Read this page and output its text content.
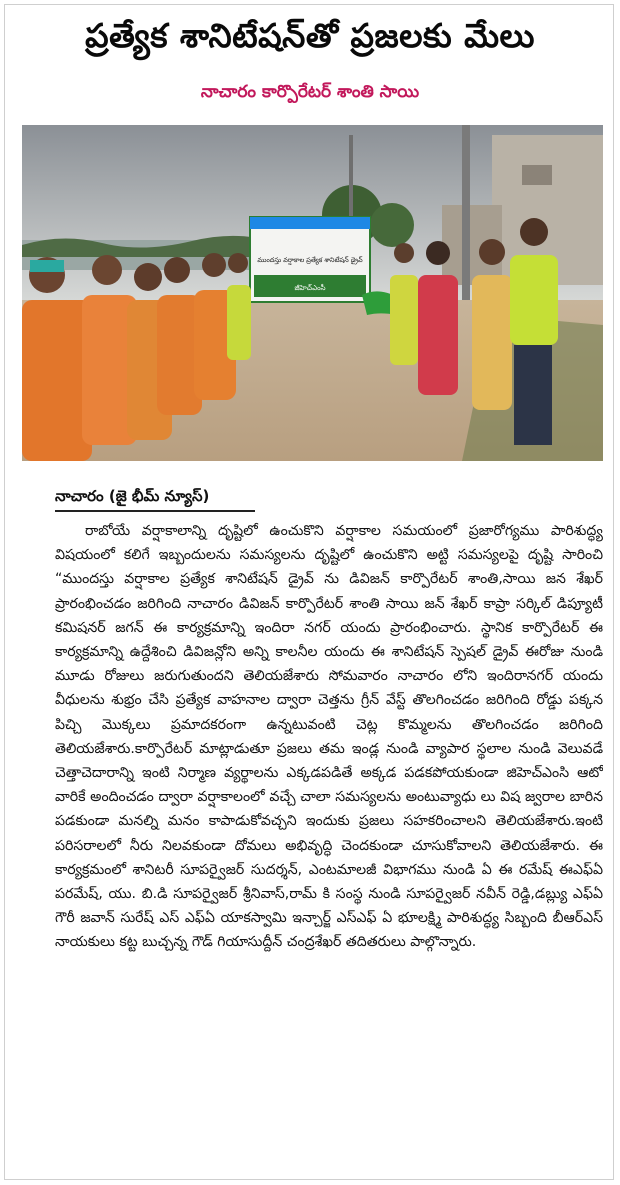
ప్రత్యేక శానిటేషన్‌తో ప్రజలకు మేలు
నాచారం కార్పొరేటర్ శాంతి సాయి
ముందస్తు వర్షాకాల ప్రత్యేక శానిటేషన్ డ్రైవ్
జీహెచ్ఎంసీ
నాచారం (జై భీమ్ న్యూస్)

రాబోయే వర్షాకాలాన్ని దృష్టిలో ఉంచుకొని వర్షాకాల సమయంలో ప్రజారోగ్యము పారిశుద్ధ్య విషయంలో కలిగే ఇబ్బందులను సమస్యలను దృష్టిలో ఉంచుకొని అట్టి సమస్యలపై దృష్టి సారించి “ముందస్తు వర్షాకాల ప్రత్యేక శానిటేషన్ డ్రైవ్ ను డివిజన్ కార్పొరేటర్ శాంతి,సాయి జన శేఖర్ ప్రారంభించడం జరిగింది నాచారం డివిజన్ కార్పొరేటర్ శాంతి సాయి జన్ శేఖర్ కాప్రా సర్కిల్ డిప్యూటీ కమిషనర్ జగన్ ఈ కార్యక్రమాన్ని ఇందిరా నగర్ యందు ప్రారంభించారు. స్థానిక కార్పొరేటర్ ఈ కార్యక్రమాన్ని ఉద్దేశించి డివిజన్లోని అన్ని కాలనీల యందు ఈ శానిటేషన్ స్పెషల్ డ్రైవ్ ఈరోజు నుండి మూడు రోజులు జరుగుతుందని తెలియజేశారు సోమవారం నాచారం లోని ఇందిరానగర్ యందు వీధులను శుభ్రం చేసి ప్రత్యేక వాహనాల ద్వారా చెత్తను గ్రీన్ వేస్ట్ తొలగించడం జరిగింది రోడ్డు పక్కన పిచ్చి మొక్కలు ప్రమాదకరంగా ఉన్నటువంటి చెట్ల కొమ్మలను తొలగించడం జరిగింది తెలియజేశారు.కార్పొరేటర్ మాట్లాడుతూ ప్రజలు తమ ఇండ్ల నుండి వ్యాపార స్థలాల నుండి వెలువడే చెత్తాచెదారాన్ని ఇంటి నిర్మాణ వ్యర్థాలను ఎక్కడపడితే అక్కడ పడకపోయకుండా జిహెచ్ఎంసి ఆటో వారికే అందించడం ద్వారా వర్షాకాలంలో వచ్చే చాలా సమస్యలను అంటువ్యాధు లు విష జ్వరాల బారిన పడకుండా మనల్ని మనం కాపాడుకోవచ్చని ఇందుకు ప్రజలు సహకరించాలని తెలియజేశారు.ఇంటి పరిసరాలలో నీరు నిలవకుండా దోమలు అభివృద్ధి చెందకుండా చూసుకోవాలని తెలియజేశారు. ఈ కార్యక్రమంలో శానిటరీ సూపర్వైజర్ సుదర్శన్, ఎంటమాలజీ విభాగము నుండి ఏ ఈ రమేష్ ఈఎఫ్ఏ పరమేష్, యు. బి.డి సూపర్వైజర్ శ్రీనివాస్,రామ్ కి సంస్థ నుండి సూపర్వైజర్ నవీన్ రెడ్డి,డబ్ల్యు ఎఫ్ఏ గౌరీ జవాన్ సురేష్ ఎస్ ఎఫ్ఏ యాకస్వామి ఇన్చార్జ్ ఎస్ఎఫ్ ఏ భూలక్ష్మి పారిశుద్ధ్య సిబ్బంది బీఆర్ఎస్ నాయకులు కట్ట బుచ్చన్న గౌడ్ గియాసుద్దీన్ చంద్రశేఖర్ తదితరులు పాల్గొన్నారు.
